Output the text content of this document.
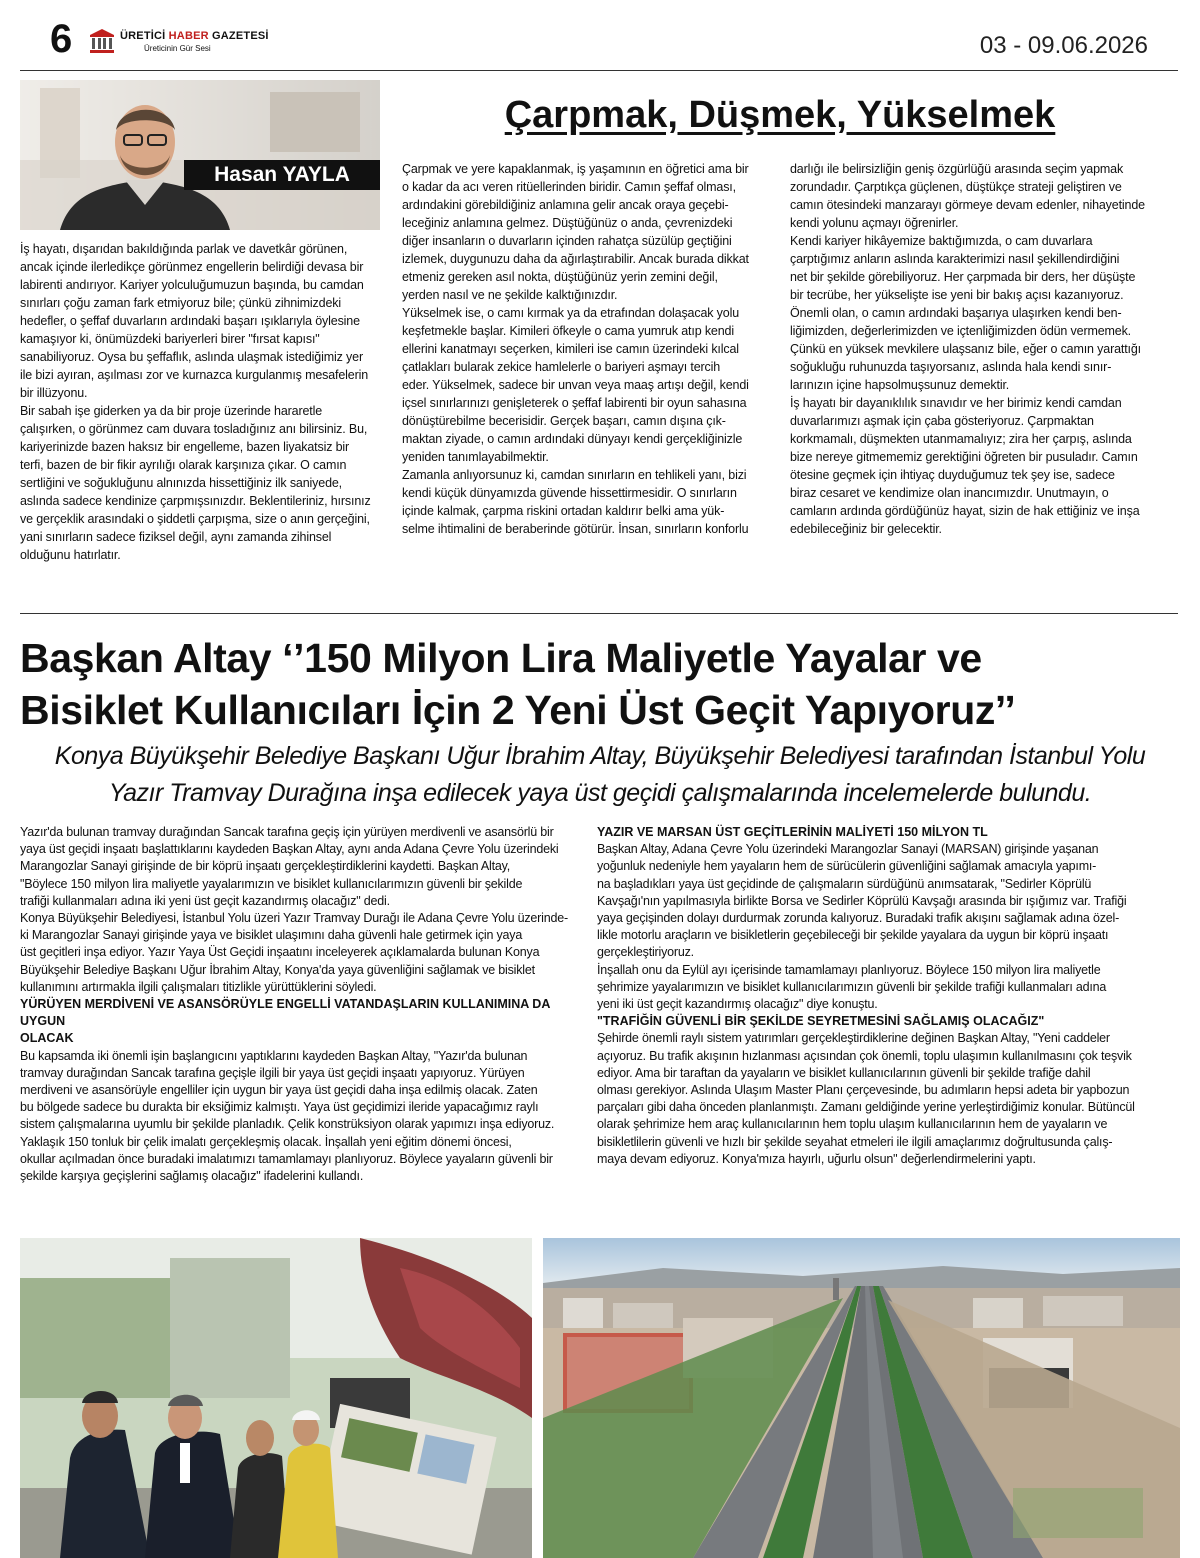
6	ÜRETİCİ HABER GAZETESİ
Üreticinin Gür Sesi	03 - 09.06.2026
Hasan YAYLA
Çarpmak, Düşmek, Yükselmek

İş hayatı, dışarıdan bakıldığında parlak ve davetkâr görünen,
ancak içinde ilerledikçe görünmez engellerin belirdiği devasa bir
labirenti andırıyor. Kariyer yolculuğumuzun başında, bu camdan
sınırları çoğu zaman fark etmiyoruz bile; çünkü zihnimizdeki
hedefler, o şeffaf duvarların ardındaki başarı ışıklarıyla öylesine
kamaşıyor ki, önümüzdeki bariyerleri birer "fırsat kapısı"
sanabiliyoruz. Oysa bu şeffaflık, aslında ulaşmak istediğimiz yer
ile bizi ayıran, aşılması zor ve kurnazca kurgulanmış mesafelerin
bir illüzyonu.

Bir sabah işe giderken ya da bir proje üzerinde hararetle
çalışırken, o görünmez cam duvara tosladığınız anı bilirsiniz. Bu,
kariyerinizde bazen haksız bir engelleme, bazen liyakatsiz bir
terfi, bazen de bir fikir ayrılığı olarak karşınıza çıkar. O camın
sertliğini ve soğukluğunu alnınızda hissettiğiniz ilk saniyede,
aslında sadece kendinize çarpmışsınızdır. Beklentileriniz, hırsınız
ve gerçeklik arasındaki o şiddetli çarpışma, size o anın gerçeğini,
yani sınırların sadece fiziksel değil, aynı zamanda zihinsel
olduğunu hatırlatır.

Çarpmak ve yere kapaklanmak, iş yaşamının en öğretici ama bir
o kadar da acı veren ritüellerinden biridir. Camın şeffaf olması,
ardındakini görebildiğiniz anlamına gelir ancak oraya geçebi-
leceğiniz anlamına gelmez. Düştüğünüz o anda, çevrenizdeki
diğer insanların o duvarların içinden rahatça süzülüp geçtiğini
izlemek, duygunuzu daha da ağırlaştırabilir. Ancak burada dikkat
etmeniz gereken asıl nokta, düştüğünüz yerin zemini değil,
yerden nasıl ve ne şekilde kalktığınızdır.

Yükselmek ise, o camı kırmak ya da etrafından dolaşacak yolu
keşfetmekle başlar. Kimileri öfkeyle o cama yumruk atıp kendi
ellerini kanatmayı seçerken, kimileri ise camın üzerindeki kılcal
çatlakları bularak zekice hamlelerle o bariyeri aşmayı tercih
eder. Yükselmek, sadece bir unvan veya maaş artışı değil, kendi
içsel sınırlarınızı genişleterek o şeffaf labirenti bir oyun sahasına
dönüştürebilme becerisidir. Gerçek başarı, camın dışına çık-
maktan ziyade, o camın ardındaki dünyayı kendi gerçekliğinizle
yeniden tanımlayabilmektir.

Zamanla anlıyorsunuz ki, camdan sınırların en tehlikeli yanı, bizi
kendi küçük dünyamızda güvende hissettirmesidir. O sınırların
içinde kalmak, çarpma riskini ortadan kaldırır belki ama yük-
selme ihtimalini de beraberinde götürür. İnsan, sınırların konforlu

darlığı ile belirsizliğin geniş özgürlüğü arasında seçim yapmak
zorundadır. Çarptıkça güçlenen, düştükçe strateji geliştiren ve
camın ötesindeki manzarayı görmeye devam edenler, nihayetinde
kendi yolunu açmayı öğrenirler.

Kendi kariyer hikâyemize baktığımızda, o cam duvarlara
çarptığımız anların aslında karakterimizi nasıl şekillendirdiğini
net bir şekilde görebiliyoruz. Her çarpmada bir ders, her düşüşte
bir tecrübe, her yükselişte ise yeni bir bakış açısı kazanıyoruz.
Önemli olan, o camın ardındaki başarıya ulaşırken kendi ben-
liğimizden, değerlerimizden ve içtenliğimizden ödün vermemek.
Çünkü en yüksek mevkilere ulaşsanız bile, eğer o camın yarattığı
soğukluğu ruhunuzda taşıyorsanız, aslında hala kendi sınır-
larınızın içine hapsolmuşsunuz demektir.

İş hayatı bir dayanıklılık sınavıdır ve her birimiz kendi camdan
duvarlarımızı aşmak için çaba gösteriyoruz. Çarpmaktan
korkmamalı, düşmekten utanmamalıyız; zira her çarpış, aslında
bize nereye gitmememiz gerektiğini öğreten bir pusuladır. Camın
ötesine geçmek için ihtiyaç duyduğumuz tek şey ise, sadece
biraz cesaret ve kendimize olan inancımızdır. Unutmayın, o
camların ardında gördüğünüz hayat, sizin de hak ettiğiniz ve inşa
edebileceğiniz bir gelecektir.

Başkan Altay ‘’150 Milyon Lira Maliyetle Yayalar ve
Bisiklet Kullanıcıları İçin 2 Yeni Üst Geçit Yapıyoruz’’
Konya Büyükşehir Belediye Başkanı Uğur İbrahim Altay, Büyükşehir Belediyesi tarafından İstanbul Yolu Yazır Tramvay Durağına inşa edilecek yaya üst geçidi çalışmalarında incelemelerde bulundu.

Yazır'da bulunan tramvay durağından Sancak tarafına geçiş için yürüyen merdivenli ve asansörlü bir
yaya üst geçidi inşaatı başlattıklarını kaydeden Başkan Altay, aynı anda Adana Çevre Yolu üzerindeki
Marangozlar Sanayi girişinde de bir köprü inşaatı gerçekleştirdiklerini kaydetti. Başkan Altay,
"Böylece 150 milyon lira maliyetle yayalarımızın ve bisiklet kullanıcılarımızın güvenli bir şekilde
trafiği kullanmaları adına iki yeni üst geçit kazandırmış olacağız" dedi.
Konya Büyükşehir Belediyesi, İstanbul Yolu üzeri Yazır Tramvay Durağı ile Adana Çevre Yolu üzerinde-
ki Marangozlar Sanayi girişinde yaya ve bisiklet ulaşımını daha güvenli hale getirmek için yaya
üst geçitleri inşa ediyor. Yazır Yaya Üst Geçidi inşaatını inceleyerek açıklamalarda bulunan Konya
Büyükşehir Belediye Başkanı Uğur İbrahim Altay, Konya'da yaya güvenliğini sağlamak ve bisiklet
kullanımını artırmakla ilgili çalışmaları titizlikle yürüttüklerini söyledi.

YÜRÜYEN MERDİVENİ VE ASANSÖRÜYLE ENGELLİ VATANDAŞLARIN KULLANIMINA DA UYGUN
OLACAK

Bu kapsamda iki önemli işin başlangıcını yaptıklarını kaydeden Başkan Altay, "Yazır'da bulunan
tramvay durağından Sancak tarafına geçişle ilgili bir yaya üst geçidi inşaatı yapıyoruz. Yürüyen
merdiveni ve asansörüyle engelliler için uygun bir yaya üst geçidi daha inşa edilmiş olacak. Zaten
bu bölgede sadece bu durakta bir eksiğimiz kalmıştı. Yaya üst geçidimizi ileride yapacağımız raylı
sistem çalışmalarına uyumlu bir şekilde planladık. Çelik konstrüksiyon olarak yapımızı inşa ediyoruz.
Yaklaşık 150 tonluk bir çelik imalatı gerçekleşmiş olacak. İnşallah yeni eğitim dönemi öncesi,
okullar açılmadan önce buradaki imalatımızı tamamlamayı planlıyoruz. Böylece yayaların güvenli bir
şekilde karşıya geçişlerini sağlamış olacağız" ifadelerini kullandı.

YAZIR VE MARSAN ÜST GEÇİTLERİNİN MALİYETİ 150 MİLYON TL

Başkan Altay, Adana Çevre Yolu üzerindeki Marangozlar Sanayi (MARSAN) girişinde yaşanan
yoğunluk nedeniyle hem yayaların hem de sürücülerin güvenliğini sağlamak amacıyla yapımı-
na başladıkları yaya üst geçidinde de çalışmaların sürdüğünü anımsatarak, "Sedirler Köprülü
Kavşağı'nın yapılmasıyla birlikte Borsa ve Sedirler Köprülü Kavşağı arasında bir ışığımız var. Trafiği
yaya geçişinden dolayı durdurmak zorunda kalıyoruz. Buradaki trafik akışını sağlamak adına özel-
likle motorlu araçların ve bisikletlerin geçebileceği bir şekilde yayalara da uygun bir köprü inşaatı
gerçekleştiriyoruz.
İnşallah onu da Eylül ayı içerisinde tamamlamayı planlıyoruz. Böylece 150 milyon lira maliyetle
şehrimize yayalarımızın ve bisiklet kullanıcılarımızın güvenli bir şekilde trafiği kullanmaları adına
yeni iki üst geçit kazandırmış olacağız" diye konuştu.

"TRAFİĞİN GÜVENLİ BİR ŞEKİLDE SEYRETMESİNİ SAĞLAMIŞ OLACAĞIZ"

Şehirde önemli raylı sistem yatırımları gerçekleştirdiklerine değinen Başkan Altay, "Yeni caddeler
açıyoruz. Bu trafik akışının hızlanması açısından çok önemli, toplu ulaşımın kullanılmasını çok teşvik
ediyor. Ama bir taraftan da yayaların ve bisiklet kullanıcılarının güvenli bir şekilde trafiğe dahil
olması gerekiyor. Aslında Ulaşım Master Planı çerçevesinde, bu adımların hepsi adeta bir yapbozun
parçaları gibi daha önceden planlanmıştı. Zamanı geldiğinde yerine yerleştirdiğimiz konular. Bütüncül
olarak şehrimize hem araç kullanıcılarının hem toplu ulaşım kullanıcılarının hem de yayaların ve
bisikletlilerin güvenli ve hızlı bir şekilde seyahat etmeleri ile ilgili amaçlarımız doğrultusunda çalış-
maya devam ediyoruz. Konya'mıza hayırlı, uğurlu olsun" değerlendirmelerini yaptı.
